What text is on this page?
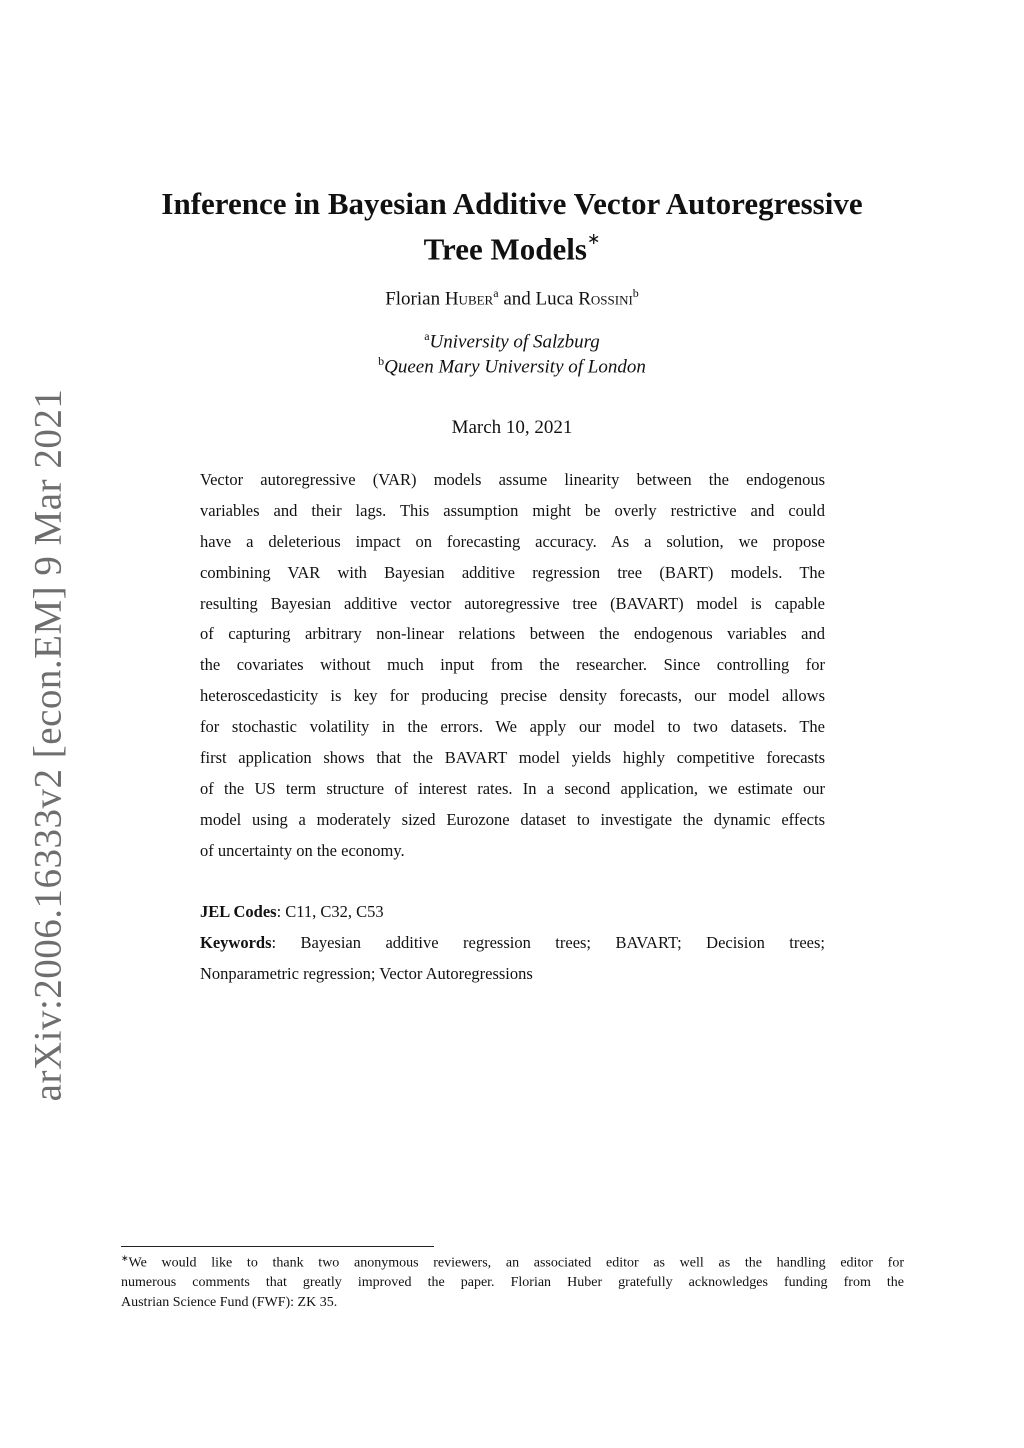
arXiv:2006.16333v2 [econ.EM] 9 Mar 2021
Inference in Bayesian Additive Vector Autoregressive
Tree Models∗
Florian Huber$^a$ and Luca Rossini$^b$
$^a$University of Salzburg
$^b$Queen Mary University of London
March 10, 2021
Vector autoregressive (VAR) models assume linearity between the endogenous
variables and their lags. This assumption might be overly restrictive and could
have a deleterious impact on forecasting accuracy. As a solution, we propose
combining VAR with Bayesian additive regression tree (BART) models. The
resulting Bayesian additive vector autoregressive tree (BAVART) model is capable
of capturing arbitrary non-linear relations between the endogenous variables and
the covariates without much input from the researcher. Since controlling for
heteroscedasticity is key for producing precise density forecasts, our model allows
for stochastic volatility in the errors. We apply our model to two datasets. The
first application shows that the BAVART model yields highly competitive forecasts
of the US term structure of interest rates. In a second application, we estimate our
model using a moderately sized Eurozone dataset to investigate the dynamic effects
of uncertainty on the economy.
JEL Codes: C11, C32, C53
Keywords: Bayesian additive regression trees; BAVART; Decision trees;
Nonparametric regression; Vector Autoregressions
∗We would like to thank two anonymous reviewers, an associated editor as well as the handling editor for
numerous comments that greatly improved the paper. Florian Huber gratefully acknowledges funding from the
Austrian Science Fund (FWF): ZK 35.
